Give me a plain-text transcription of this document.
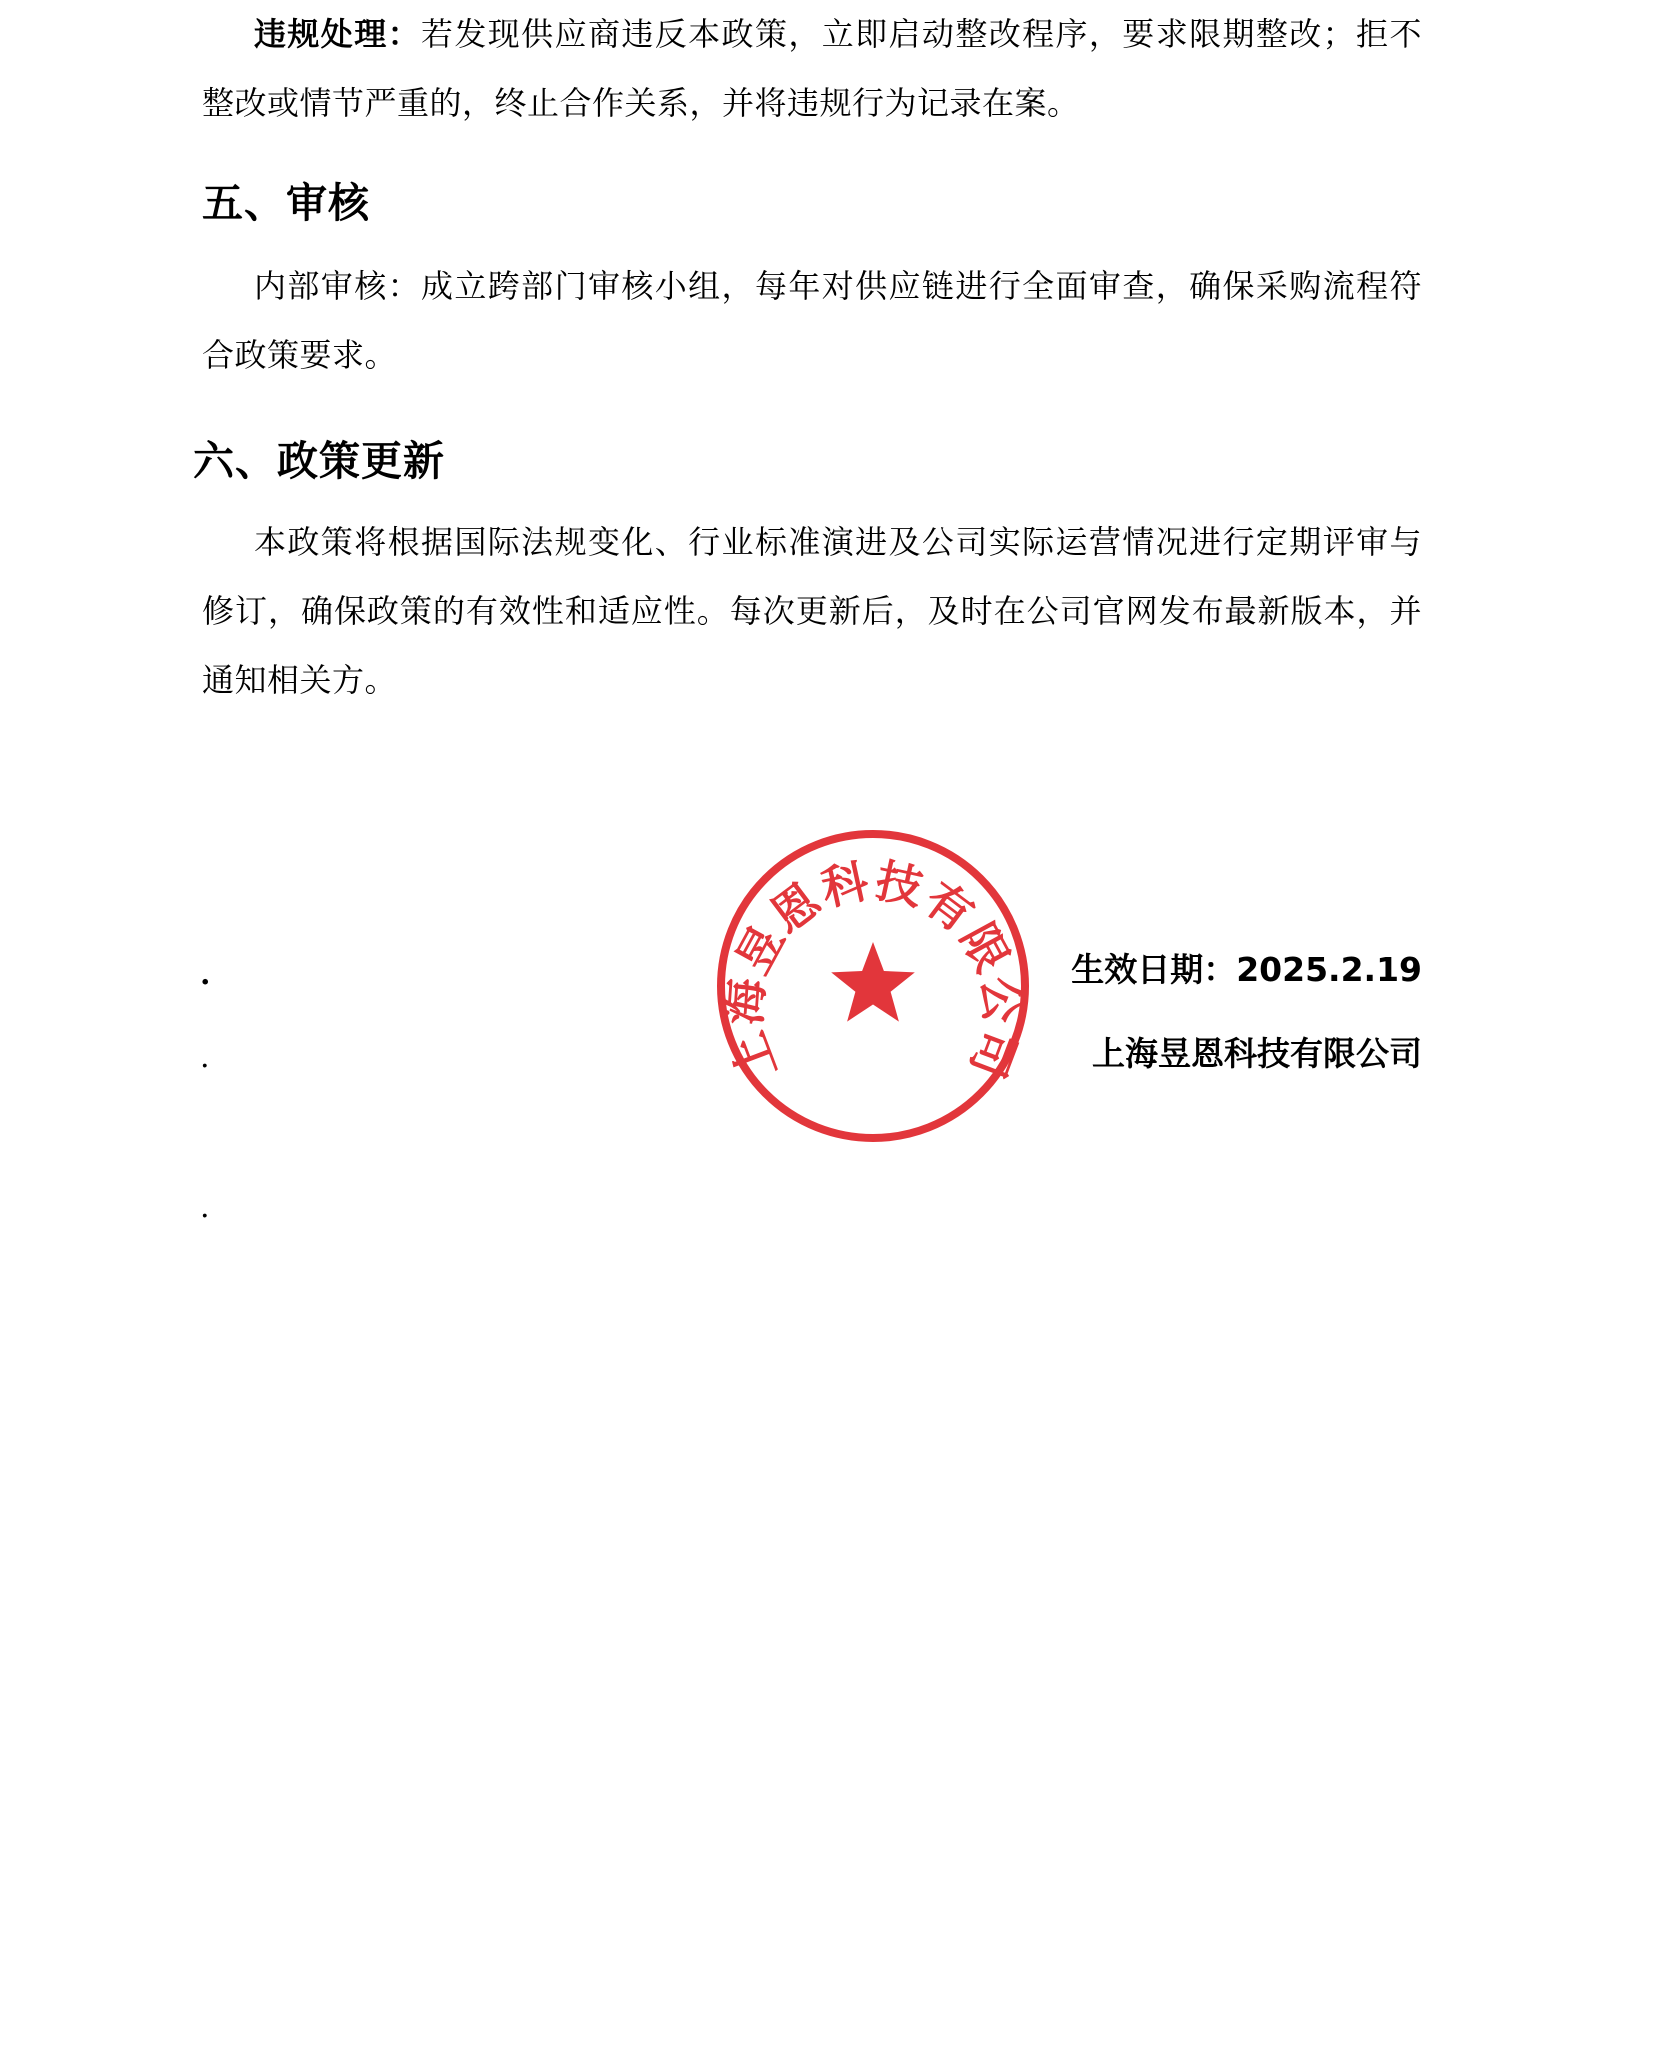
违规处理：若发现供应商违反本政策，立即启动整改程序，要求限期整改；拒不整改或情节严重的，终止合作关系，并将违规行为记录在案。

五、审核

内部审核：成立跨部门审核小组，每年对供应链进行全面审查，确保采购流程符合政策要求。

六、政策更新

本政策将根据国际法规变化、行业标准演进及公司实际运营情况进行定期评审与修订，确保政策的有效性和适应性。每次更新后，及时在公司官网发布最新版本，并通知相关方。

.

.

.

生效日期：2025.2.19

上海昱恩科技有限公司

上海昱恩科技有限公司
